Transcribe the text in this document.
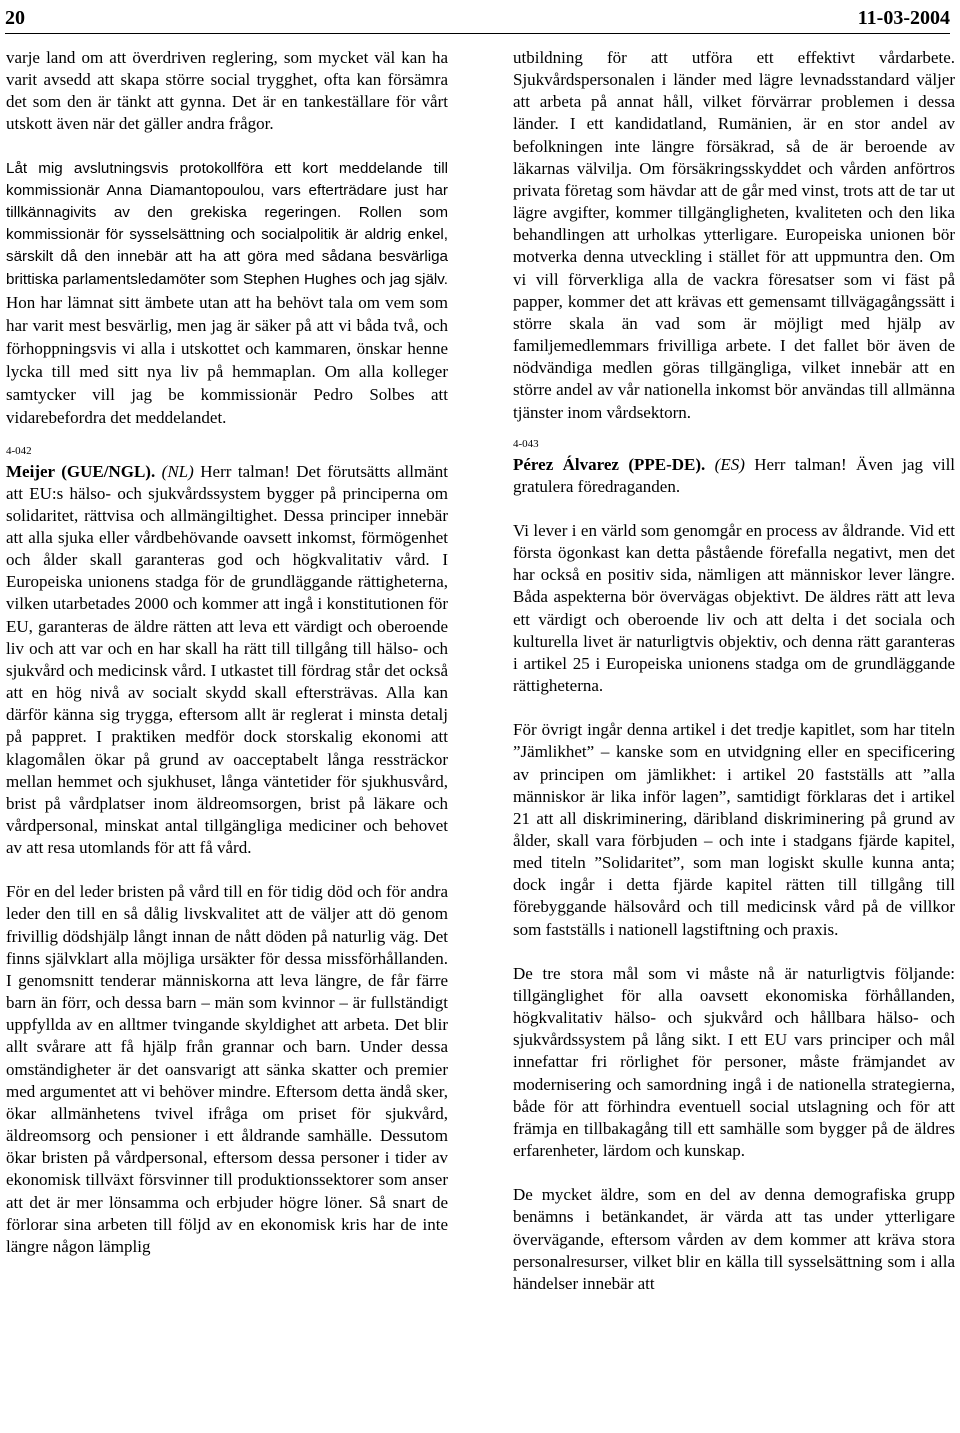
20	11-03-2004

varje land om att överdriven reglering, som mycket väl kan ha varit avsedd att skapa större social trygghet, ofta kan försämra det som den är tänkt att gynna. Det är en tankeställare för vårt utskott även när det gäller andra frågor.

Låt mig avslutningsvis protokollföra ett kort meddelande till kommissionär Anna Diamantopoulou, vars efterträdare just har tillkännagivits av den grekiska regeringen. Rollen som kommissionär för sysselsättning och socialpolitik är aldrig enkel, särskilt då den innebär att ha att göra med sådana besvärliga brittiska parlamentsledamöter som Stephen Hughes och jag själv. Hon har lämnat sitt ämbete utan att ha behövt tala om vem som har varit mest besvärlig, men jag är säker på att vi båda två, och förhoppningsvis vi alla i utskottet och kammaren, önskar henne lycka till med sitt nya liv på hemmaplan. Om alla kolleger samtycker vill jag be kommissionär Pedro Solbes att vidarebefordra det meddelandet.

4-042

Meijer (GUE/NGL). (NL) Herr talman! Det förutsätts allmänt att EU:s hälso- och sjukvårdssystem bygger på principerna om solidaritet, rättvisa och allmängiltighet. Dessa principer innebär att alla sjuka eller vårdbehövande oavsett inkomst, förmögenhet och ålder skall garanteras god och högkvalitativ vård. I Europeiska unionens stadga för de grundläggande rättigheterna, vilken utarbetades 2000 och kommer att ingå i konstitutionen för EU, garanteras de äldre rätten att leva ett värdigt och oberoende liv och att var och en har skall ha rätt till tillgång till hälso- och sjukvård och medicinsk vård. I utkastet till fördrag står det också att en hög nivå av socialt skydd skall eftersträvas. Alla kan därför känna sig trygga, eftersom allt är reglerat i minsta detalj på pappret. I praktiken medför dock storskalig ekonomi att klagomålen ökar på grund av oacceptabelt långa ressträckor mellan hemmet och sjukhuset, långa väntetider för sjukhusvård, brist på vårdplatser inom äldreomsorgen, brist på läkare och vårdpersonal, minskat antal tillgängliga mediciner och behovet av att resa utomlands för att få vård.

För en del leder bristen på vård till en för tidig död och för andra leder den till en så dålig livskvalitet att de väljer att dö genom frivillig dödshjälp långt innan de nått döden på naturlig väg. Det finns självklart alla möjliga ursäkter för dessa missförhållanden. I genomsnitt tenderar människorna att leva längre, de får färre barn än förr, och dessa barn – män som kvinnor – är fullständigt uppfyllda av en alltmer tvingande skyldighet att arbeta. Det blir allt svårare att få hjälp från grannar och barn. Under dessa omständigheter är det oansvarigt att sänka skatter och premier med argumentet att vi behöver mindre. Eftersom detta ändå sker, ökar allmänhetens tvivel ifråga om priset för sjukvård, äldreomsorg och pensioner i ett åldrande samhälle. Dessutom ökar bristen på vårdpersonal, eftersom dessa personer i tider av ekonomisk tillväxt försvinner till produktionssektorer som anser att det är mer lönsamma och erbjuder högre löner. Så snart de förlorar sina arbeten till följd av en ekonomisk kris har de inte längre någon lämplig

utbildning för att utföra ett effektivt vårdarbete. Sjukvårdspersonalen i länder med lägre levnadsstandard väljer att arbeta på annat håll, vilket förvärrar problemen i dessa länder. I ett kandidatland, Rumänien, är en stor andel av befolkningen inte längre försäkrad, så de är beroende av läkarnas välvilja. Om försäkringsskyddet och vården anförtros privata företag som hävdar att de går med vinst, trots att de tar ut lägre avgifter, kommer tillgängligheten, kvaliteten och den lika behandlingen att urholkas ytterligare. Europeiska unionen bör motverka denna utveckling i stället för att uppmuntra den. Om vi vill förverkliga alla de vackra föresatser som vi fäst på papper, kommer det att krävas ett gemensamt tillvägagångssätt i större skala än vad som är möjligt med hjälp av familjemedlemmars frivilliga arbete. I det fallet bör även de nödvändiga medlen göras tillgängliga, vilket innebär att en större andel av vår nationella inkomst bör användas till allmänna tjänster inom vårdsektorn.

4-043

Pérez Álvarez (PPE-DE). (ES) Herr talman! Även jag vill gratulera föredraganden.

Vi lever i en värld som genomgår en process av åldrande. Vid ett första ögonkast kan detta påstående förefalla negativt, men det har också en positiv sida, nämligen att människor lever längre. Båda aspekterna bör övervägas objektivt. De äldres rätt att leva ett värdigt och oberoende liv och att delta i det sociala och kulturella livet är naturligtvis objektiv, och denna rätt garanteras i artikel 25 i Europeiska unionens stadga om de grundläggande rättigheterna.

För övrigt ingår denna artikel i det tredje kapitlet, som har titeln ”Jämlikhet” – kanske som en utvidgning eller en specificering av principen om jämlikhet: i artikel 20 fastställs att ”alla människor är lika inför lagen”, samtidigt förklaras det i artikel 21 att all diskriminering, däribland diskriminering på grund av ålder, skall vara förbjuden – och inte i stadgans fjärde kapitel, med titeln ”Solidaritet”, som man logiskt skulle kunna anta; dock ingår i detta fjärde kapitel rätten till tillgång till förebyggande hälsovård och till medicinsk vård på de villkor som fastställs i nationell lagstiftning och praxis.

De tre stora mål som vi måste nå är naturligtvis följande: tillgänglighet för alla oavsett ekonomiska förhållanden, högkvalitativ hälso- och sjukvård och hållbara hälso- och sjukvårdssystem på lång sikt. I ett EU vars principer och mål innefattar fri rörlighet för personer, måste främjandet av modernisering och samordning ingå i de nationella strategierna, både för att förhindra eventuell social utslagning och för att främja en tillbakagång till ett samhälle som bygger på de äldres erfarenheter, lärdom och kunskap.

De mycket äldre, som en del av denna demografiska grupp benämns i betänkandet, är värda att tas under ytterligare övervägande, eftersom vården av dem kommer att kräva stora personalresurser, vilket blir en källa till sysselsättning som i alla händelser innebär att
